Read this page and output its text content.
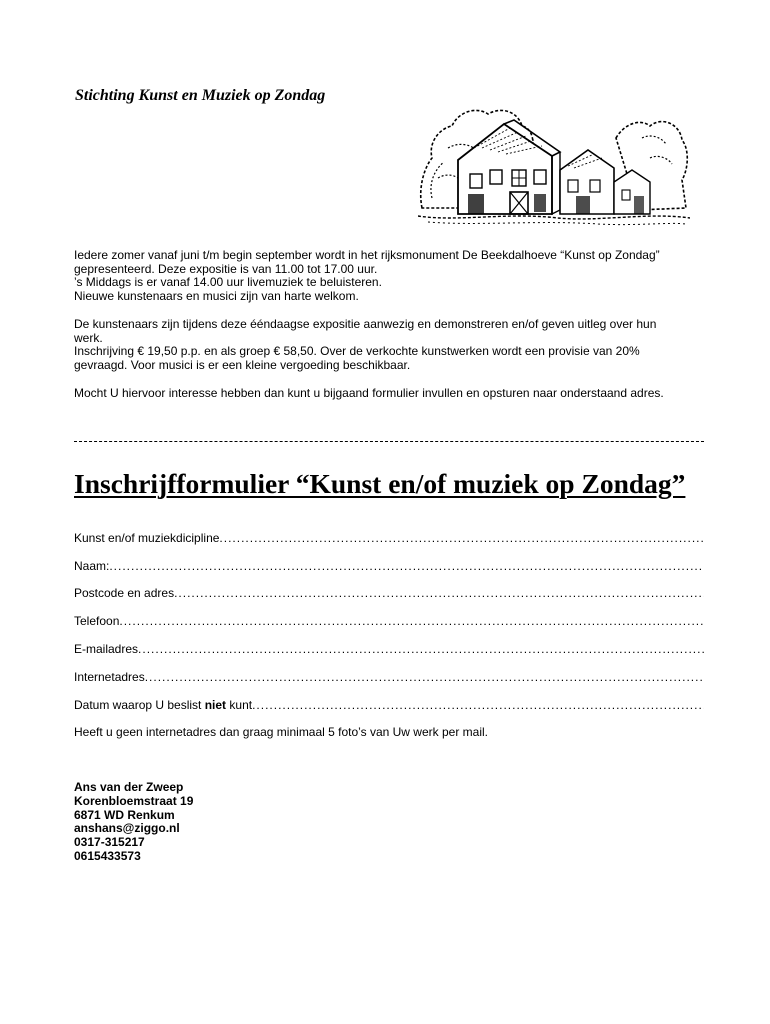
Stichting Kunst en Muziek op Zondag

Iedere zomer vanaf juni t/m begin september wordt in het rijksmonument De Beekdalhoeve “Kunst op Zondag”
gepresenteerd. Deze expositie is van 11.00 tot 17.00 uur.
’s Middags is er vanaf 14.00 uur livemuziek te beluisteren.
Nieuwe kunstenaars en musici zijn van harte welkom.

De kunstenaars zijn tijdens deze ééndaagse expositie aanwezig en demonstreren en/of geven uitleg over hun
werk.
Inschrijving € 19,50 p.p. en als groep € 58,50. Over de verkochte kunstwerken wordt een provisie van 20%
gevraagd. Voor musici is er een kleine vergoeding beschikbaar.

Mocht U hiervoor interesse hebben dan kunt u bijgaand formulier invullen en opsturen naar onderstaand adres.

Inschrijfformulier “Kunst en/of muziek op Zondag”
Kunst en/of muziekdicipline
.....
Naam:
.....
Postcode en adres
.....
Telefoon
.....
E-mailadres
.....
Internetadres
.....
Datum waarop U beslist niet kunt
.....
Heeft u geen internetadres dan graag minimaal 5 foto’s van Uw werk per mail.
Ans van der Zweep
Korenbloemstraat 19
6871 WD Renkum
anshans@ziggo.nl
0317-315217
0615433573
